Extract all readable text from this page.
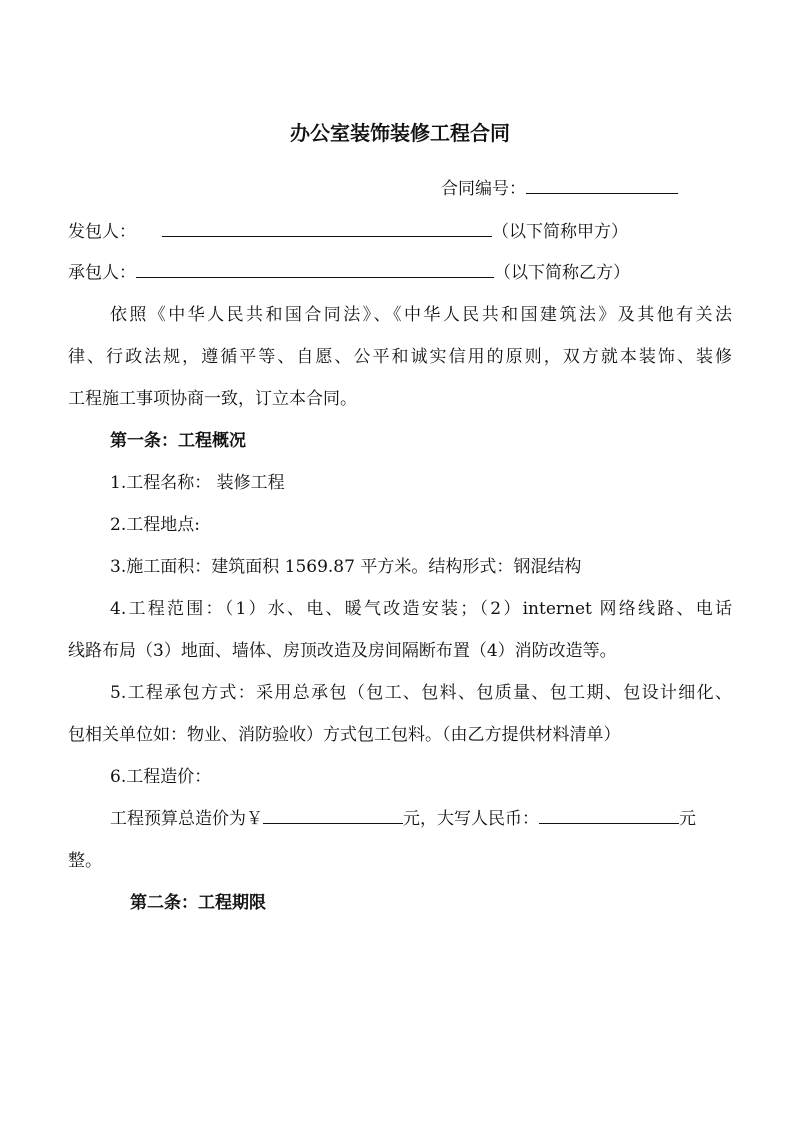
办公室装饰装修工程合同
合同编号：
发包人：	（以下简称甲方）
承包人：	（以下简称乙方）
依照《中华人民共和国合同法》、《中华人民共和国建筑法》及其他有关法
律、行政法规，遵循平等、自愿、公平和诚实信用的原则，双方就本装饰、装修
工程施工事项协商一致，订立本合同。
第一条：工程概况
1.工程名称： 装修工程
2.工程地点:
3.施工面积：建筑面积 1569.87 平方米。结构形式：钢混结构
4.工程范围：（1）水、电、暖气改造安装；（2）internet 网络线路、电话
线路布局（3）地面、墙体、房顶改造及房间隔断布置（4）消防改造等。
5.工程承包方式：采用总承包（包工、包料、包质量、包工期、包设计细化、
包相关单位如：物业、消防验收）方式包工包料。（由乙方提供材料清单）
6.工程造价：
工程预算总造价为￥	元，大写人民币：	元
整。
第二条：工程期限
